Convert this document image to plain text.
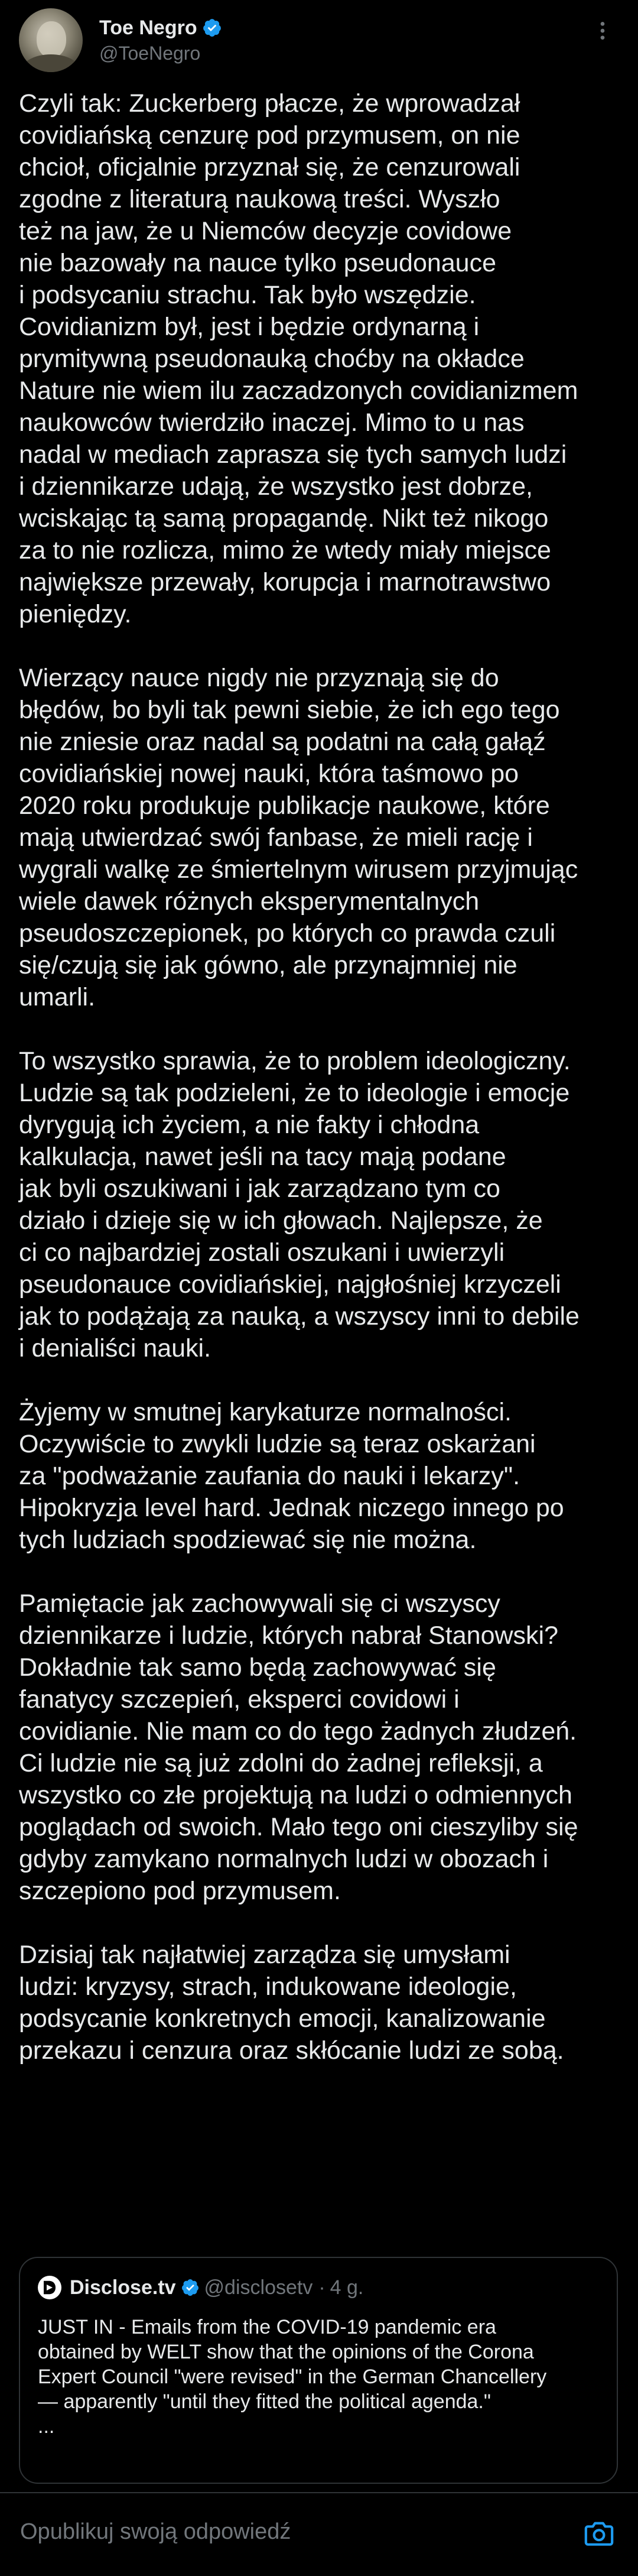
Toe Negro
@ToeNegro

Czyli tak: Zuckerberg płacze, że wprowadzał
covidiańską cenzurę pod przymusem, on nie
chcioł, oficjalnie przyznał się, że cenzurowali
zgodne z literaturą naukową treści. Wyszło
też na jaw, że u Niemców decyzje covidowe
nie bazowały na nauce tylko pseudonauce
i podsycaniu strachu. Tak było wszędzie.
Covidianizm był, jest i będzie ordynarną i
prymitywną pseudonauką choćby na okładce
Nature nie wiem ilu zaczadzonych covidianizmem
naukowców twierdziło inaczej. Mimo to u nas
nadal w mediach zaprasza się tych samych ludzi
i dziennikarze udają, że wszystko jest dobrze,
wciskając tą samą propagandę. Nikt też nikogo
za to nie rozlicza, mimo że wtedy miały miejsce
największe przewały, korupcja i marnotrawstwo
pieniędzy.

Wierzący nauce nigdy nie przyznają się do
błędów, bo byli tak pewni siebie, że ich ego tego
nie zniesie oraz nadal są podatni na całą gałąź
covidiańskiej nowej nauki, która taśmowo po
2020 roku produkuje publikacje naukowe, które
mają utwierdzać swój fanbase, że mieli rację i
wygrali walkę ze śmiertelnym wirusem przyjmując
wiele dawek różnych eksperymentalnych
pseudoszczepionek, po których co prawda czuli
się/czują się jak gówno, ale przynajmniej nie
umarli.

To wszystko sprawia, że to problem ideologiczny.
Ludzie są tak podzieleni, że to ideologie i emocje
dyrygują ich życiem, a nie fakty i chłodna
kalkulacja, nawet jeśli na tacy mają podane
jak byli oszukiwani i jak zarządzano tym co
działo i dzieje się w ich głowach. Najlepsze, że
ci co najbardziej zostali oszukani i uwierzyli
pseudonauce covidiańskiej, najgłośniej krzyczeli
jak to podążają za nauką, a wszyscy inni to debile
i denialiści nauki.

Żyjemy w smutnej karykaturze normalności.
Oczywiście to zwykli ludzie są teraz oskarżani
za "podważanie zaufania do nauki i lekarzy".
Hipokryzja level hard. Jednak niczego innego po
tych ludziach spodziewać się nie można.

Pamiętacie jak zachowywali się ci wszyscy
dziennikarze i ludzie, których nabrał Stanowski?
Dokładnie tak samo będą zachowywać się
fanatycy szczepień, eksperci covidowi i
covidianie. Nie mam co do tego żadnych złudzeń.
Ci ludzie nie są już zdolni do żadnej refleksji, a
wszystko co złe projektują na ludzi o odmiennych
poglądach od swoich. Mało tego oni cieszyliby się
gdyby zamykano normalnych ludzi w obozach i
szczepiono pod przymusem.

Dzisiaj tak najłatwiej zarządza się umysłami
ludzi: kryzysy, strach, indukowane ideologie,
podsycanie konkretnych emocji, kanalizowanie
przekazu i cenzura oraz skłócanie ludzi ze sobą.

Disclose.tv @disclosetv · 4 g.
JUST IN - Emails from the COVID-19 pandemic era
obtained by WELT show that the opinions of the Corona
Expert Council "were revised" in the German Chancellery
— apparently "until they fitted the political agenda."
...
Opublikuj swoją odpowiedź
